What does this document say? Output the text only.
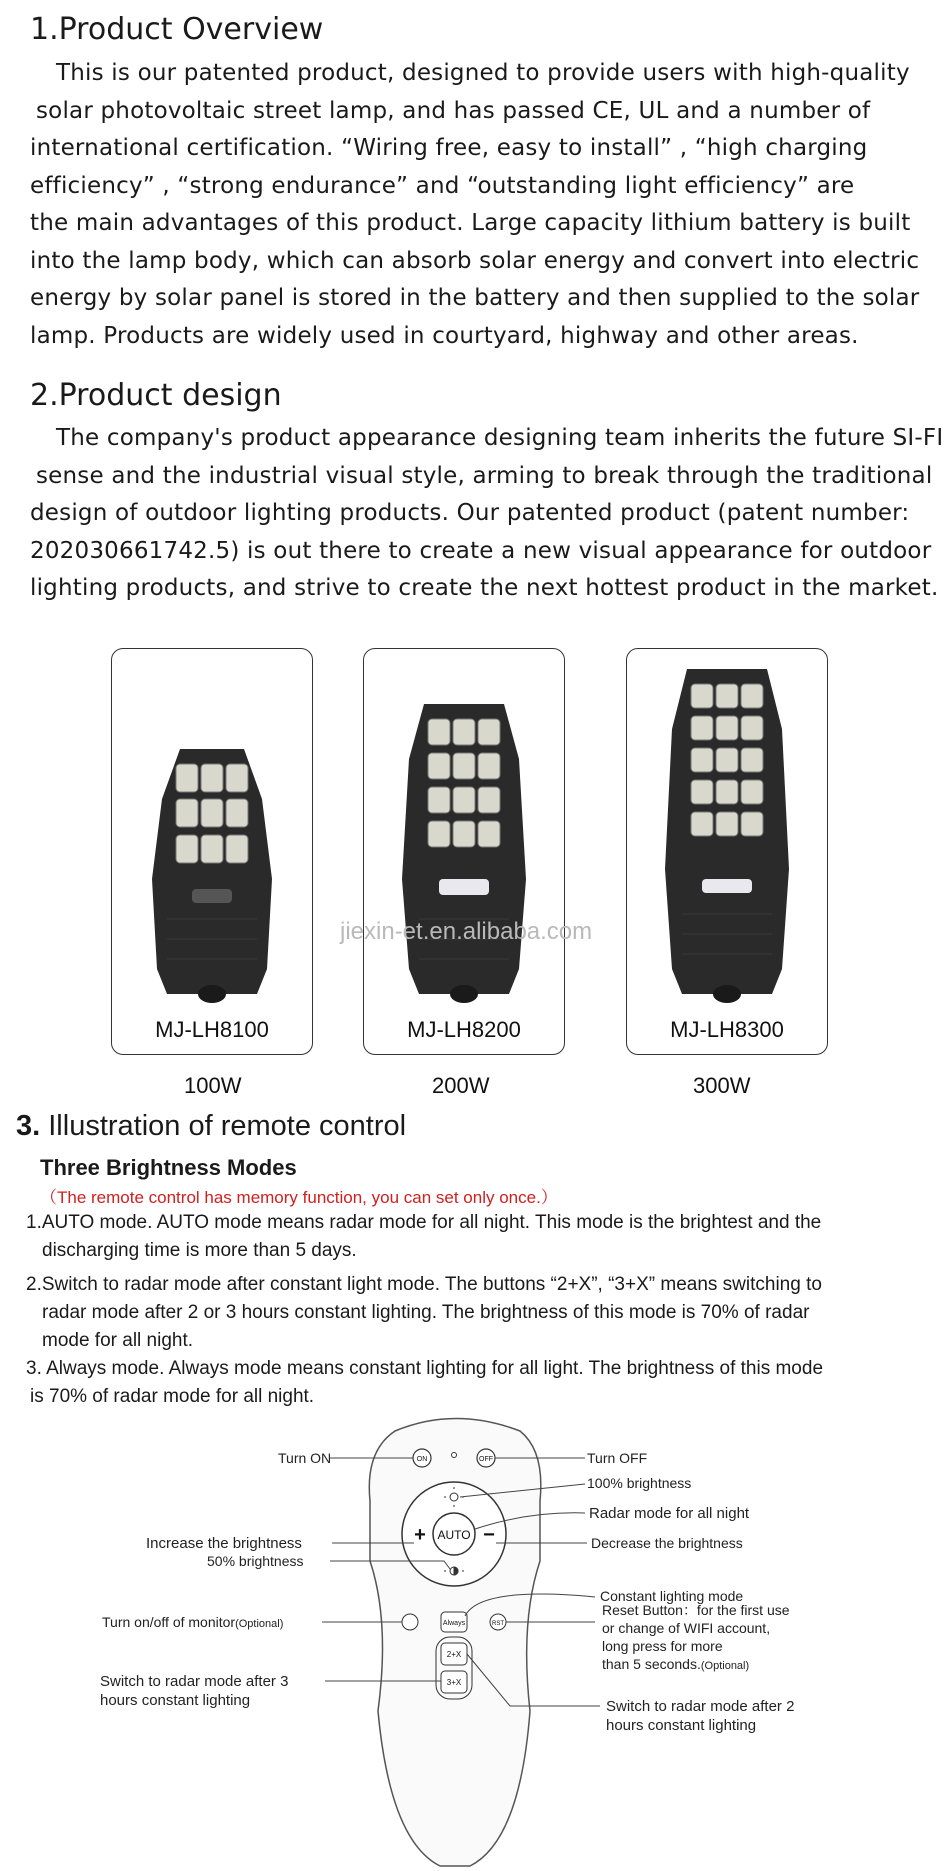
1.Product Overview
This is our patented product, designed to provide users with high-quality
solar photovoltaic street lamp, and has passed CE, UL and a number of
international certification. “Wiring free, easy to install” , “high charging
efficiency” , “strong endurance” and “outstanding light efficiency” are
the main advantages of this product. Large capacity lithium battery is built
into the lamp body, which can absorb solar energy and convert into electric
energy by solar panel is stored in the battery and then supplied to the solar
lamp. Products are widely used in courtyard, highway and other areas.
2.Product design
The company's product appearance designing team inherits the future SI-FI
sense and the industrial visual style, arming to break through the traditional
design of outdoor lighting products. Our patented product (patent number:
202030661742.5) is out there to create a new visual appearance for outdoor
lighting products, and strive to create the next hottest product in the market.
MJ-LH8100	MJ-LH8200	MJ-LH8300
jiexin-et.en.alibaba.com
100W	200W	300W
3. Illustration of remote control
Three Brightness Modes
（The remote control has memory function, you can set only once.）
1.AUTO mode. AUTO mode means radar mode for all night. This mode is the brightest and the
discharging time is more than 5 days.
2.Switch to radar mode after constant light mode. The buttons “2+X”, “3+X” means switching to
radar mode after 2 or 3 hours constant lighting. The brightness of this mode is 70% of radar
mode for all night.
3. Always mode. Always mode means constant lighting for all light. The brightness of this mode
is 70% of radar mode for all night.
ON	OFF
AUTO
+	−
Always	RST
2+X
3+X
Turn ON	Turn OFF
100% brightness
Radar mode for all night
Increase the brightness	Decrease the brightness
50% brightness
Constant lighting mode
Turn on/off of monitor(Optional)
Reset Button：for the first use
or change of WIFI account,
long press for more
than 5 seconds.(Optional)
Switch to radar mode after 3
hours constant lighting	Switch to radar mode after 2
hours constant lighting
